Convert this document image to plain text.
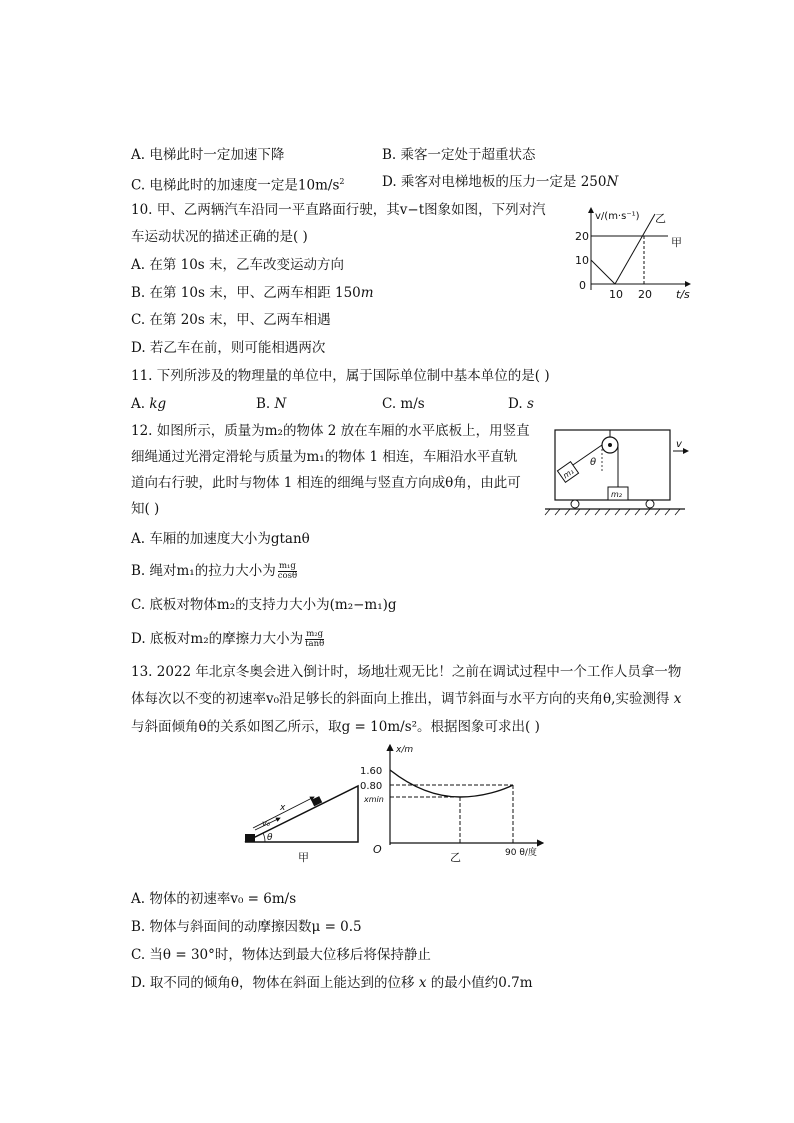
A. 电梯此时一定加速下降	B. 乘客一定处于超重状态
C. 电梯此时的加速度一定是$10m/s^2$	D. 乘客对电梯地板的压力一定是 250N
10. 甲、乙两辆汽车沿同一平直路面行驶，其v−t图象如图，下列对汽
车运动状况的描述正确的是( )
A. 在第 10s 末，乙车改变运动方向
B. 在第 10s 末，甲、乙两车相距 150m
C. 在第 20s 末，甲、乙两车相遇
D. 若乙车在前，则可能相遇两次
v/(m·s⁻¹)
20
10
0
10 20 t/s
乙
甲
11. 下列所涉及的物理量的单位中，属于国际单位制中基本单位的是( )
A. kg	B. N	C. m/s	D. s
12. 如图所示，质量为m₂的物体 2 放在车厢的水平底板上，用竖直
细绳通过光滑定滑轮与质量为m₁的物体 1 相连，车厢沿水平直轨
道向右行驶，此时与物体 1 相连的细绳与竖直方向成θ角，由此可
知( )
A. 车厢的加速度大小为gtanθ
B. 绳对m₁的拉力大小为 $\frac{\text{m₁g}}{\cos\theta}$
C. 底板对物体m₂的支持力大小为(m₂−m₁)g
D. 底板对m₂的摩擦力大小为 $\frac{\text{m₂g}}{\tan\theta}$
θ
m₁
m₂
v
13. 2022 年北京冬奥会进入倒计时，场地壮观无比！之前在调试过程中一个工作人员拿一物
体每次以不变的初速率v₀沿足够长的斜面向上推出，调节斜面与水平方向的夹角θ,实验测得 x
与斜面倾角θ的关系如图乙所示，取g = 10m/s²。根据图象可求出( )
x
v₀
θ
甲
x/m
1.60
0.80
xmin
O
乙	90 θ/度
A. 物体的初速率v₀ = 6m/s
B. 物体与斜面间的动摩擦因数μ = 0.5
C. 当θ = 30°时，物体达到最大位移后将保持静止
D. 取不同的倾角θ，物体在斜面上能达到的位移 x 的最小值约0.7m
